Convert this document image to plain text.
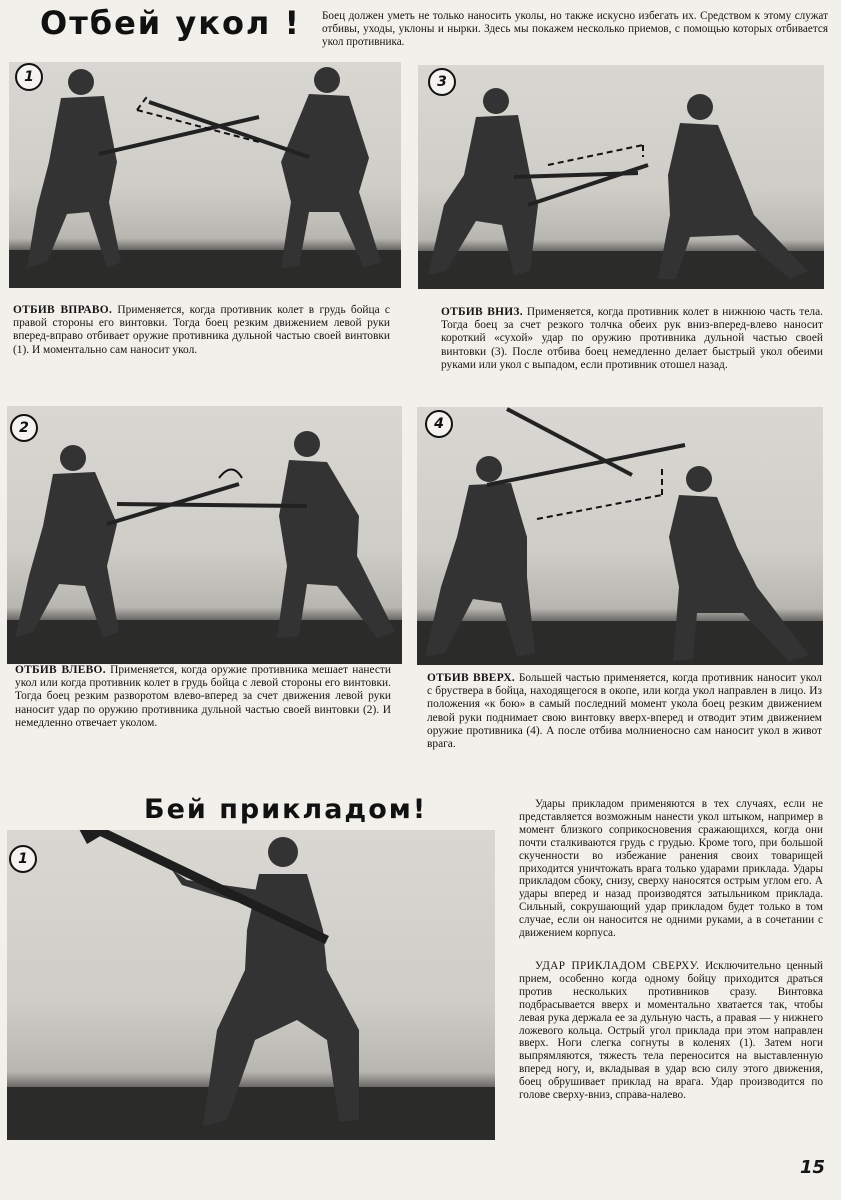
Отбей укол ! Боец должен уметь не только наносить уколы, но также искусно избегать их. Средством к этому служат отбивы, уходы, уклоны и нырки. Здесь мы покажем несколько приемов, с помощью которых отбивается укол противника.

1	3

ОТБИВ ВПРАВО. Применяется, когда противник колет в грудь бойца с правой стороны его винтовки. Тогда боец резким движением левой руки вперед-вправо отбивает оружие противника дульной частью своей винтовки (1). И моментально сам наносит укол.

ОТБИВ ВНИЗ. Применяется, когда противник колет в нижнюю часть тела. Тогда боец за счет резкого толчка обеих рук вниз-вперед-влево наносит короткий «сухой» удар по оружию противника дульной частью своей винтовки (3). После отбива боец немедленно делает быстрый укол обеими руками или укол с выпадом, если противник отошел назад.

2	4

ОТБИВ ВЛЕВО. Применяется, когда оружие противника мешает нанести укол или когда противник колет в грудь бойца с левой стороны его винтовки. Тогда боец резким разворотом влево-вперед за счет движения левой руки наносит удар по оружию противника дульной частью своей винтовки (2). И немедленно отвечает уколом.

ОТБИВ ВВЕРХ. Большей частью применяется, когда противник наносит укол с бруствера в бойца, находящегося в окопе, или когда укол направлен в лицо. Из положения «к бою» в самый последний момент укола боец резким движением левой руки поднимает свою винтовку вверх-вперед и отводит этим движением оружие противника (4). А после отбива молниеносно сам наносит укол в живот врага.

Бей прикладом!
1

Удары прикладом применяются в тех случаях, если не представляется возможным нанести укол штыком, например в момент близкого соприкосновения сражающихся, когда они почти сталкиваются грудь с грудью. Кроме того, при большой скученности во избежание ранения своих товарищей приходится уничтожать врага только ударами приклада. Удары прикладом сбоку, снизу, сверху наносятся острым углом его. А удары вперед и назад производятся затыльником приклада. Сильный, сокрушающий удар прикладом будет только в том случае, если он наносится не одними руками, а в сочетании с движением корпуса.

УДАР ПРИКЛАДОМ СВЕРХУ. Исключительно ценный прием, особенно когда одному бойцу приходится драться против нескольких противников сразу. Винтовка подбрасывается вверх и моментально хватается так, чтобы левая рука держала ее за дульную часть, а правая — у нижнего ложевого кольца. Острый угол приклада при этом направлен вверх. Ноги слегка согнуты в коленях (1). Затем ноги выпрямляются, тяжесть тела переносится на выставленную вперед ногу, и, вкладывая в удар всю силу этого движения, боец обрушивает приклад на врага. Удар производится по голове сверху-вниз, справа-налево.

15
